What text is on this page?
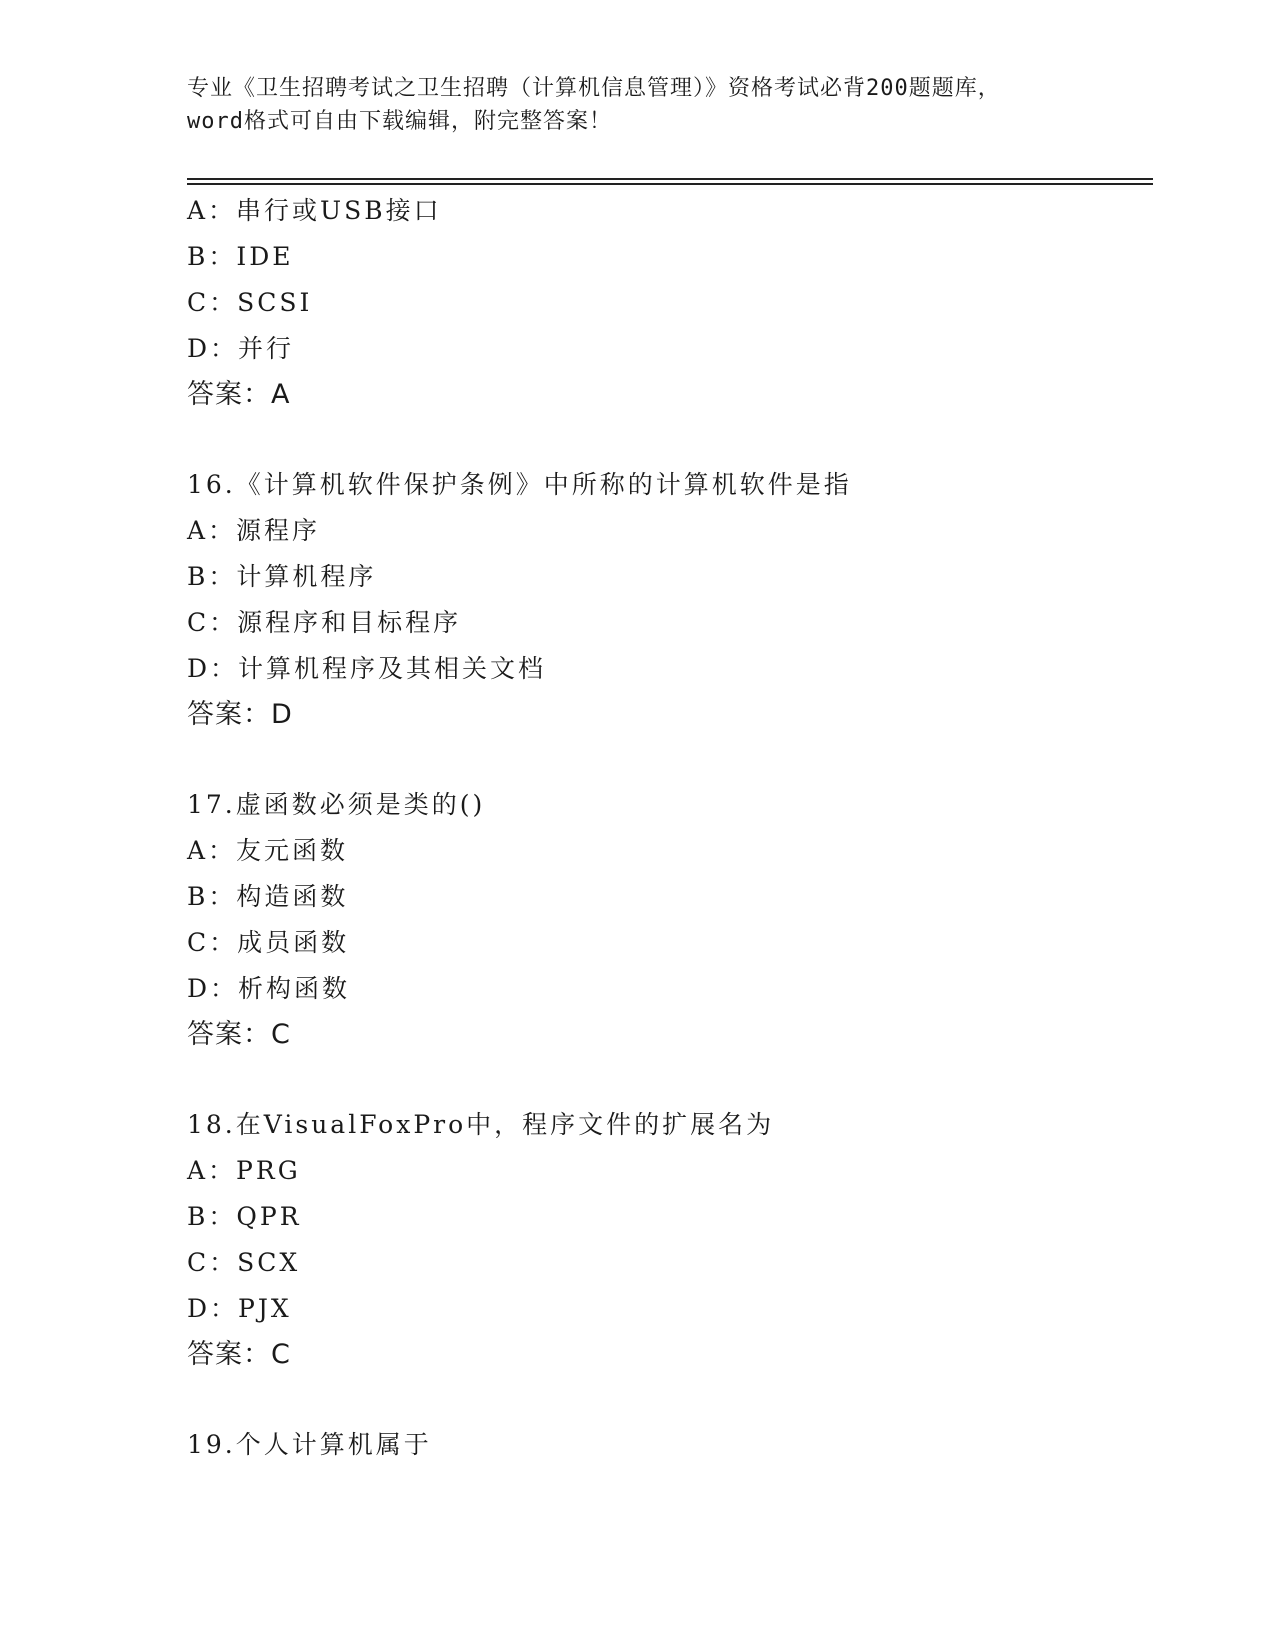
专业《卫生招聘考试之卫生招聘（计算机信息管理）》资格考试必背200题题库，
word格式可自由下载编辑，附完整答案！
A：串行或USB接口
B：IDE
C：SCSI
D：并行
答案：A
16.《计算机软件保护条例》中所称的计算机软件是指
A：源程序
B：计算机程序
C：源程序和目标程序
D：计算机程序及其相关文档
答案：D
17.虚函数必须是类的()
A：友元函数
B：构造函数
C：成员函数
D：析构函数
答案：C
18.在VisualFoxPro中，程序文件的扩展名为
A：PRG
B：QPR
C：SCX
D：PJX
答案：C
19.个人计算机属于
